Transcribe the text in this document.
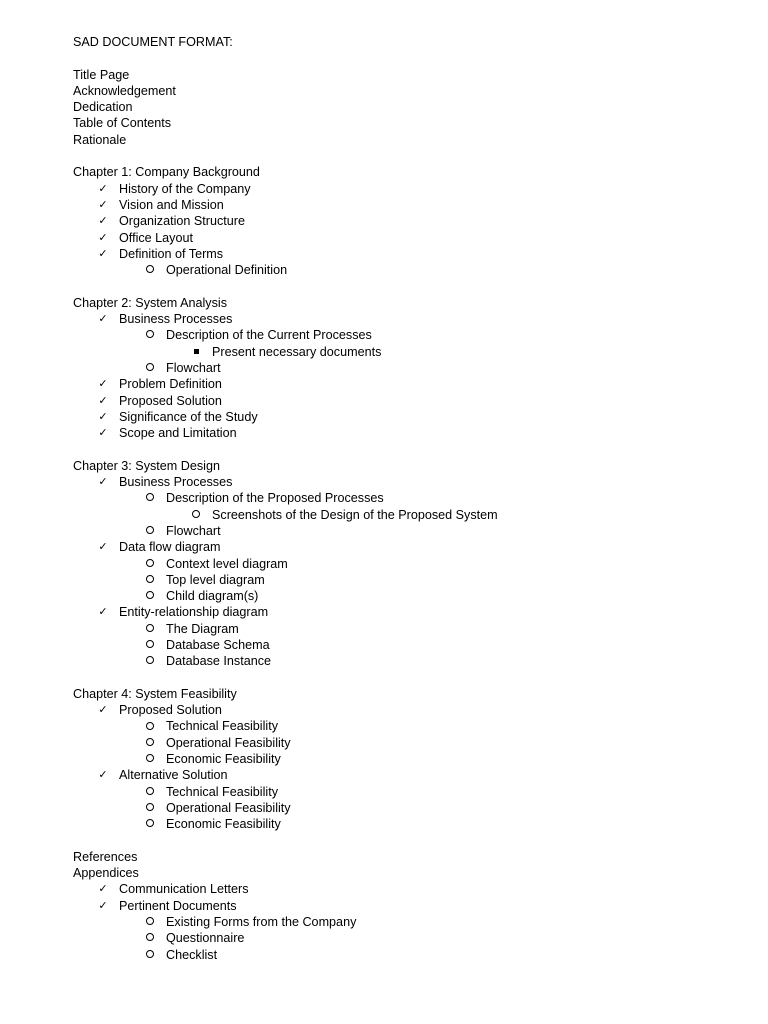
SAD DOCUMENT FORMAT:
Title Page
Acknowledgement
Dedication
Table of Contents
Rationale
Chapter 1: Company Background
✓ History of the Company
✓ Vision and Mission
✓ Organization Structure
✓ Office Layout
✓ Definition of Terms
Operational Definition
Chapter 2: System Analysis
✓ Business Processes
Description of the Current Processes
Present necessary documents
Flowchart
✓ Problem Definition
✓ Proposed Solution
✓ Significance of the Study
✓ Scope and Limitation
Chapter 3: System Design
✓ Business Processes
Description of the Proposed Processes
Screenshots of the Design of the Proposed System
Flowchart
✓ Data flow diagram
Context level diagram
Top level diagram
Child diagram(s)
✓ Entity-relationship diagram
The Diagram
Database Schema
Database Instance
Chapter 4: System Feasibility
✓ Proposed Solution
Technical Feasibility
Operational Feasibility
Economic Feasibility
✓ Alternative Solution
Technical Feasibility
Operational Feasibility
Economic Feasibility
References
Appendices
✓ Communication Letters
✓ Pertinent Documents
Existing Forms from the Company
Questionnaire
Checklist
